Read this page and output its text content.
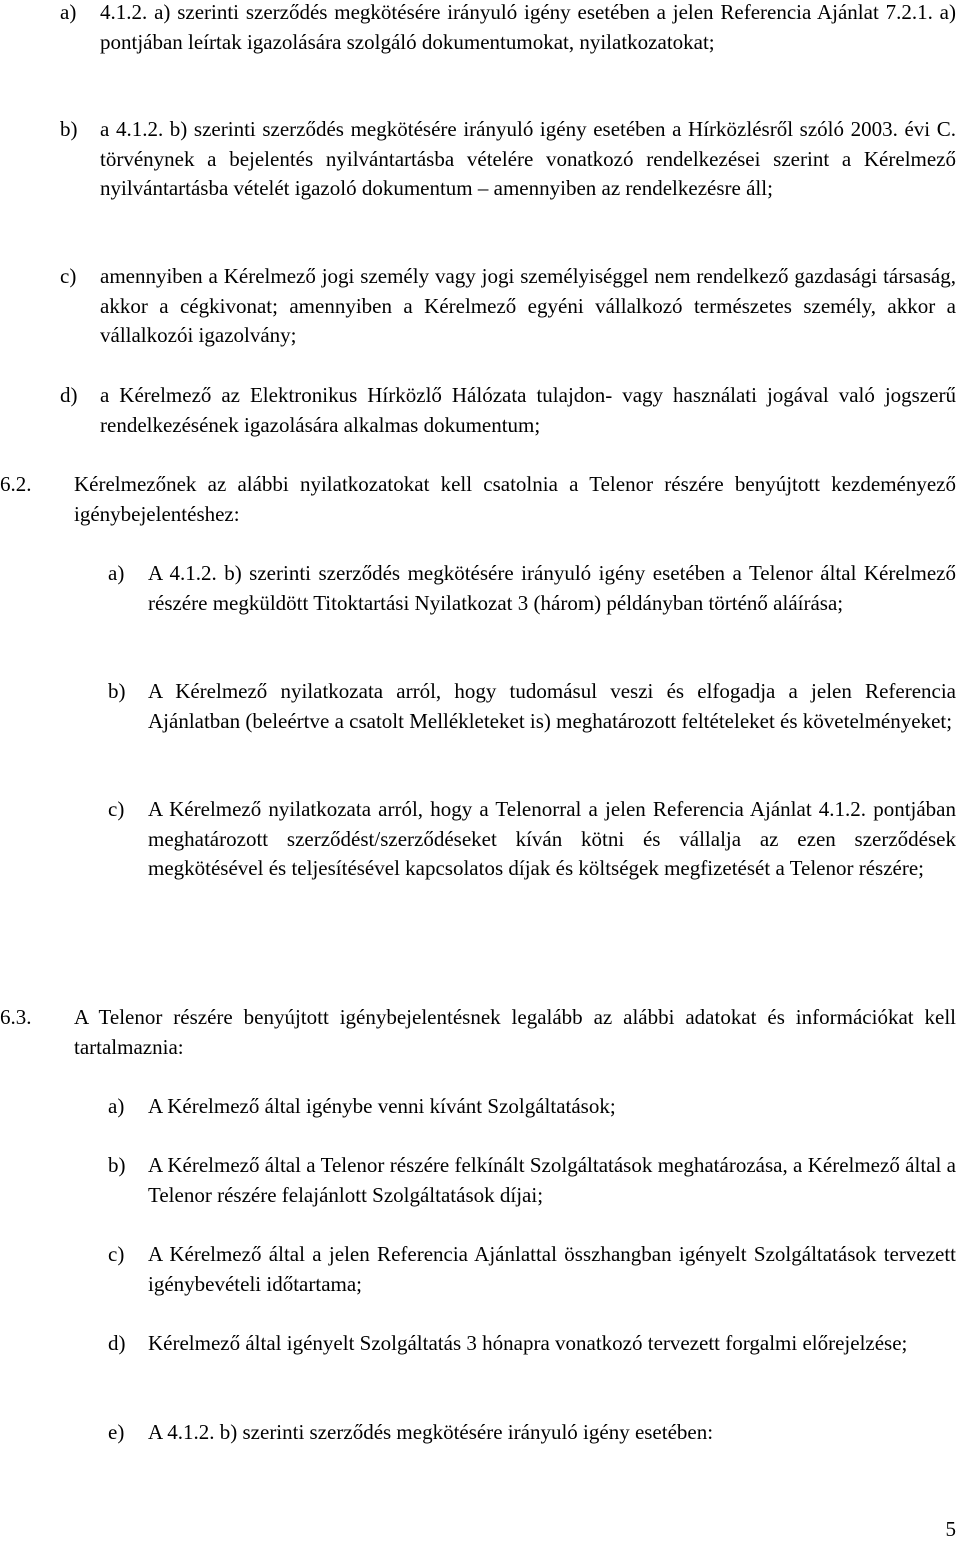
a)	4.1.2. a) szerinti szerződés megkötésére irányuló igény esetében a jelen Referencia Ajánlat 7.2.1. a) pontjában leírtak igazolására szolgáló dokumentumokat, nyilatkozatokat;
b)	a 4.1.2. b) szerinti szerződés megkötésére irányuló igény esetében a Hírközlésről szóló 2003. évi C. törvénynek a bejelentés nyilvántartásba vételére vonatkozó rendelkezései szerint a Kérelmező nyilvántartásba vételét igazoló dokumentum – amennyiben az rendelkezésre áll;
c)	amennyiben a Kérelmező jogi személy vagy jogi személyiséggel nem rendelkező gazdasági társaság, akkor a cégkivonat; amennyiben a Kérelmező egyéni vállalkozó természetes személy, akkor a vállalkozói igazolvány;
d)	a Kérelmező az Elektronikus Hírközlő Hálózata tulajdon- vagy használati jogával való jogszerű rendelkezésének igazolására alkalmas dokumentum;
6.2.	Kérelmezőnek az alábbi nyilatkozatokat kell csatolnia a Telenor részére benyújtott kezdeményező igénybejelentéshez:
a)	A 4.1.2. b) szerinti szerződés megkötésére irányuló igény esetében a Telenor által Kérelmező részére megküldött Titoktartási Nyilatkozat 3 (három) példányban történő aláírása;
b)	A Kérelmező nyilatkozata arról, hogy tudomásul veszi és elfogadja a jelen Referencia Ajánlatban (beleértve a csatolt Mellékleteket is) meghatározott feltételeket és követelményeket;
c)	A Kérelmező nyilatkozata arról, hogy a Telenorral a jelen Referencia Ajánlat 4.1.2. pontjában meghatározott szerződést/szerződéseket kíván kötni és vállalja az ezen szerződések megkötésével és teljesítésével kapcsolatos díjak és költségek megfizetését a Telenor részére;
6.3.	A Telenor részére benyújtott igénybejelentésnek legalább az alábbi adatokat és információkat kell tartalmaznia:
a)	A Kérelmező által igénybe venni kívánt Szolgáltatások;
b)	A Kérelmező által a Telenor részére felkínált Szolgáltatások meghatározása, a Kérelmező által a Telenor részére felajánlott Szolgáltatások díjai;
c)	A Kérelmező által a jelen Referencia Ajánlattal összhangban igényelt Szolgáltatások tervezett igénybevételi időtartama;
d)	Kérelmező által igényelt Szolgáltatás 3 hónapra vonatkozó tervezett forgalmi előrejelzése;
e)	A 4.1.2. b) szerinti szerződés megkötésére irányuló igény esetében:
5
